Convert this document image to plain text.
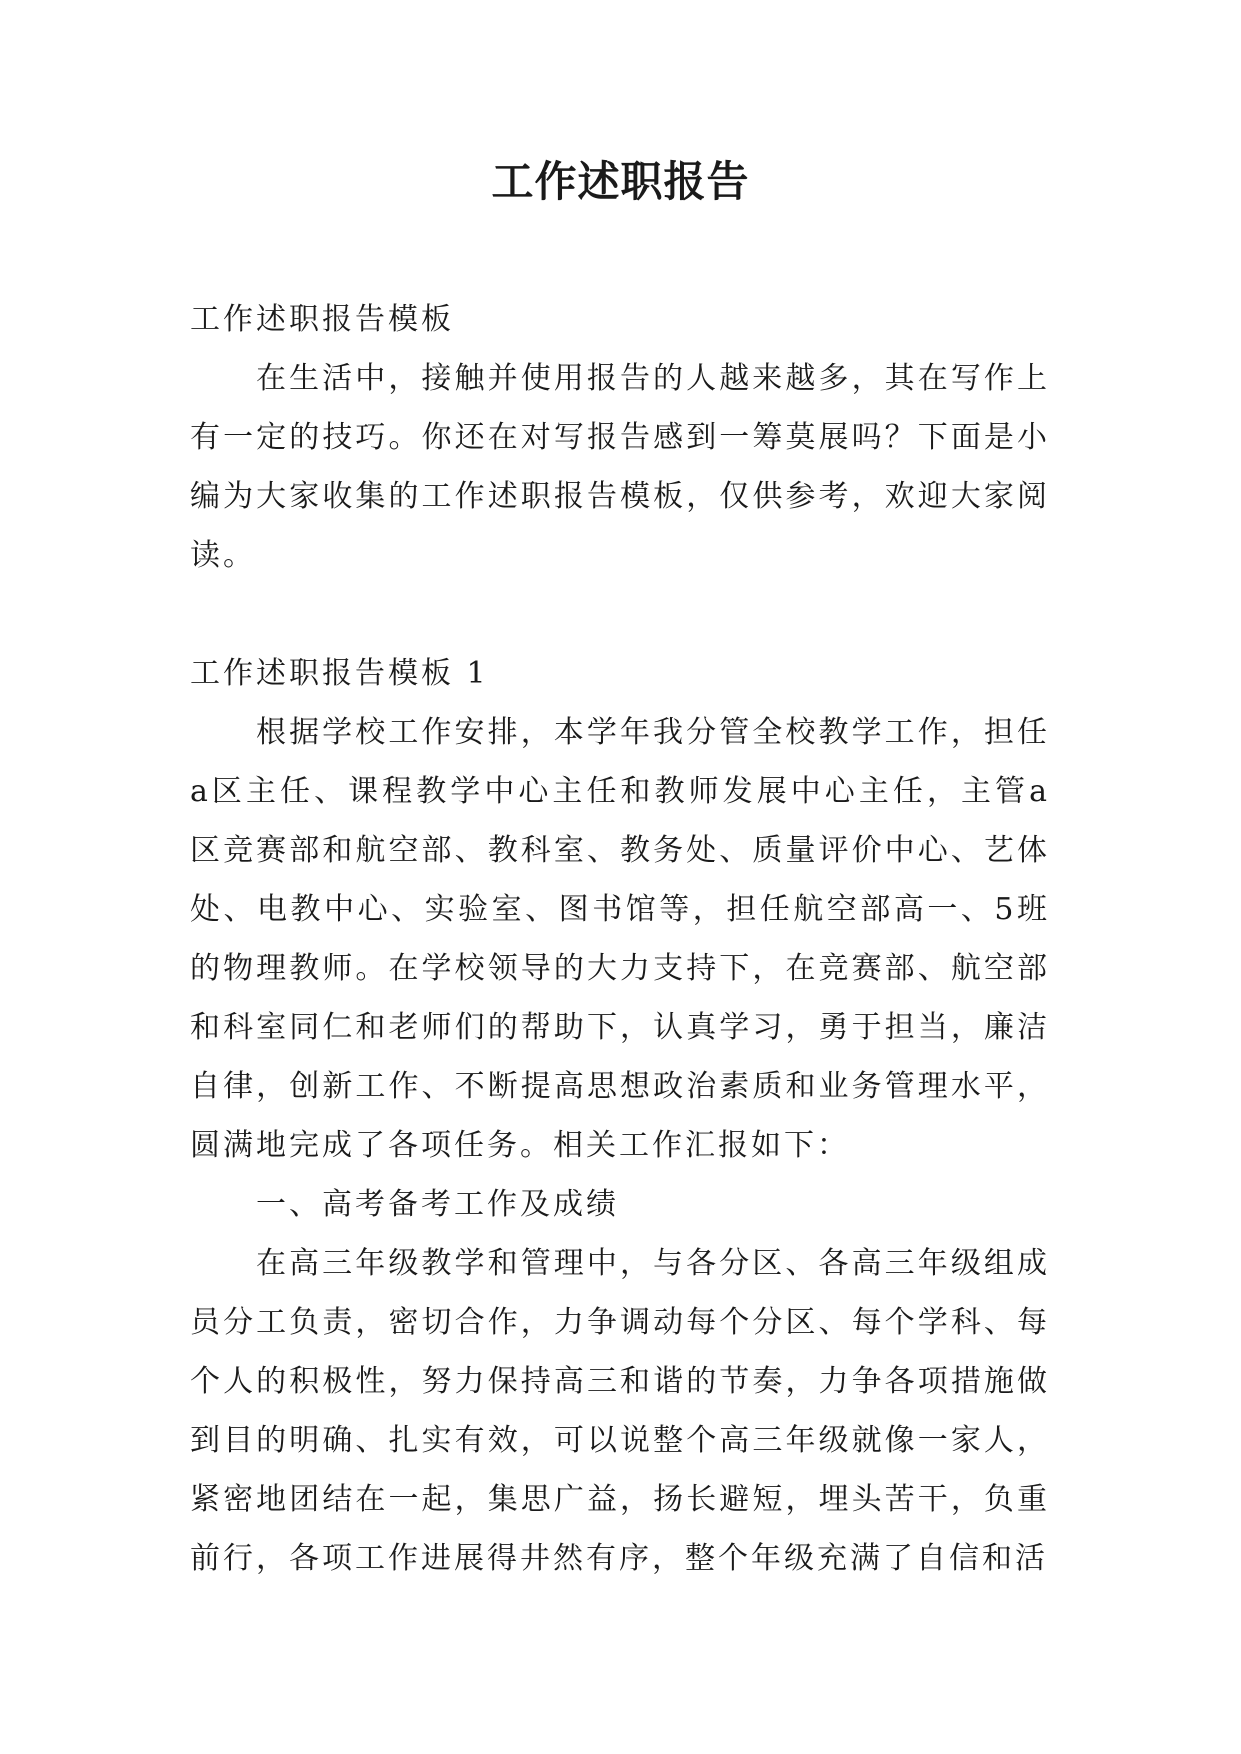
工作述职报告

工作述职报告模板

在生活中，接触并使用报告的人越来越多，其在写作上有一定的技巧。你还在对写报告感到一筹莫展吗？下面是小编为大家收集的工作述职报告模板，仅供参考，欢迎大家阅读。

工作述职报告模板 1

根据学校工作安排，本学年我分管全校教学工作，担任a区主任、课程教学中心主任和教师发展中心主任，主管a区竞赛部和航空部、教科室、教务处、质量评价中心、艺体处、电教中心、实验室、图书馆等，担任航空部高一、5班的物理教师。在学校领导的大力支持下，在竞赛部、航空部和科室同仁和老师们的帮助下，认真学习，勇于担当，廉洁自律，创新工作、不断提高思想政治素质和业务管理水平，圆满地完成了各项任务。相关工作汇报如下：

一、高考备考工作及成绩

在高三年级教学和管理中，与各分区、各高三年级组成员分工负责，密切合作，力争调动每个分区、每个学科、每个人的积极性，努力保持高三和谐的节奏，力争各项措施做到目的明确、扎实有效，可以说整个高三年级就像一家人，紧密地团结在一起，集思广益，扬长避短，埋头苦干，负重前行，各项工作进展得井然有序，整个年级充满了自信和活
